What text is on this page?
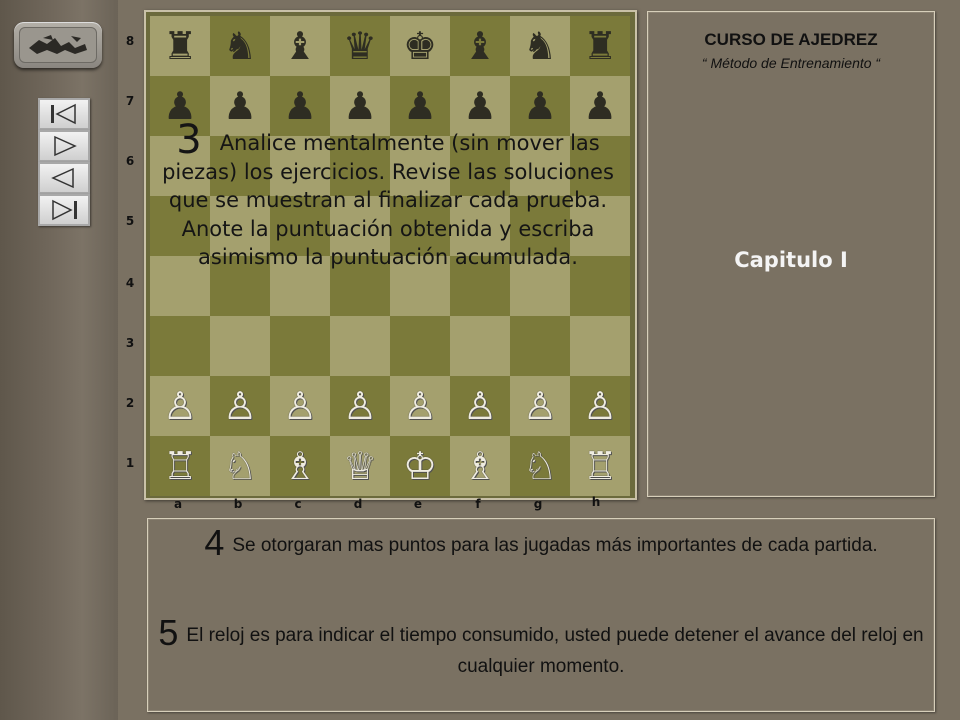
8
7
6
5
4
3
2
1
♜ ♞ ♝ ♛ ♚ ♝ ♞ ♜
♟ ♟ ♟ ♟ ♟ ♟ ♟ ♟
♙ ♙ ♙ ♙ ♙ ♙ ♙ ♙
♖ ♘ ♗ ♕ ♔ ♗ ♘ ♖
3 Analice mentalmente (sin mover las piezas) los ejercicios. Revise las soluciones que se muestran al finalizar cada prueba. Anote la puntuación obtenida y escriba asimismo la puntuación acumulada.
a	b	c	d	e	f	g	h
CURSO DE AJEDREZ
“ Método de Entrenamiento “
Capitulo I
4 Se otorgaran mas puntos para las jugadas más importantes de cada partida.
5 El reloj es para indicar el tiempo consumido, usted puede detener el avance del reloj en cualquier momento.
